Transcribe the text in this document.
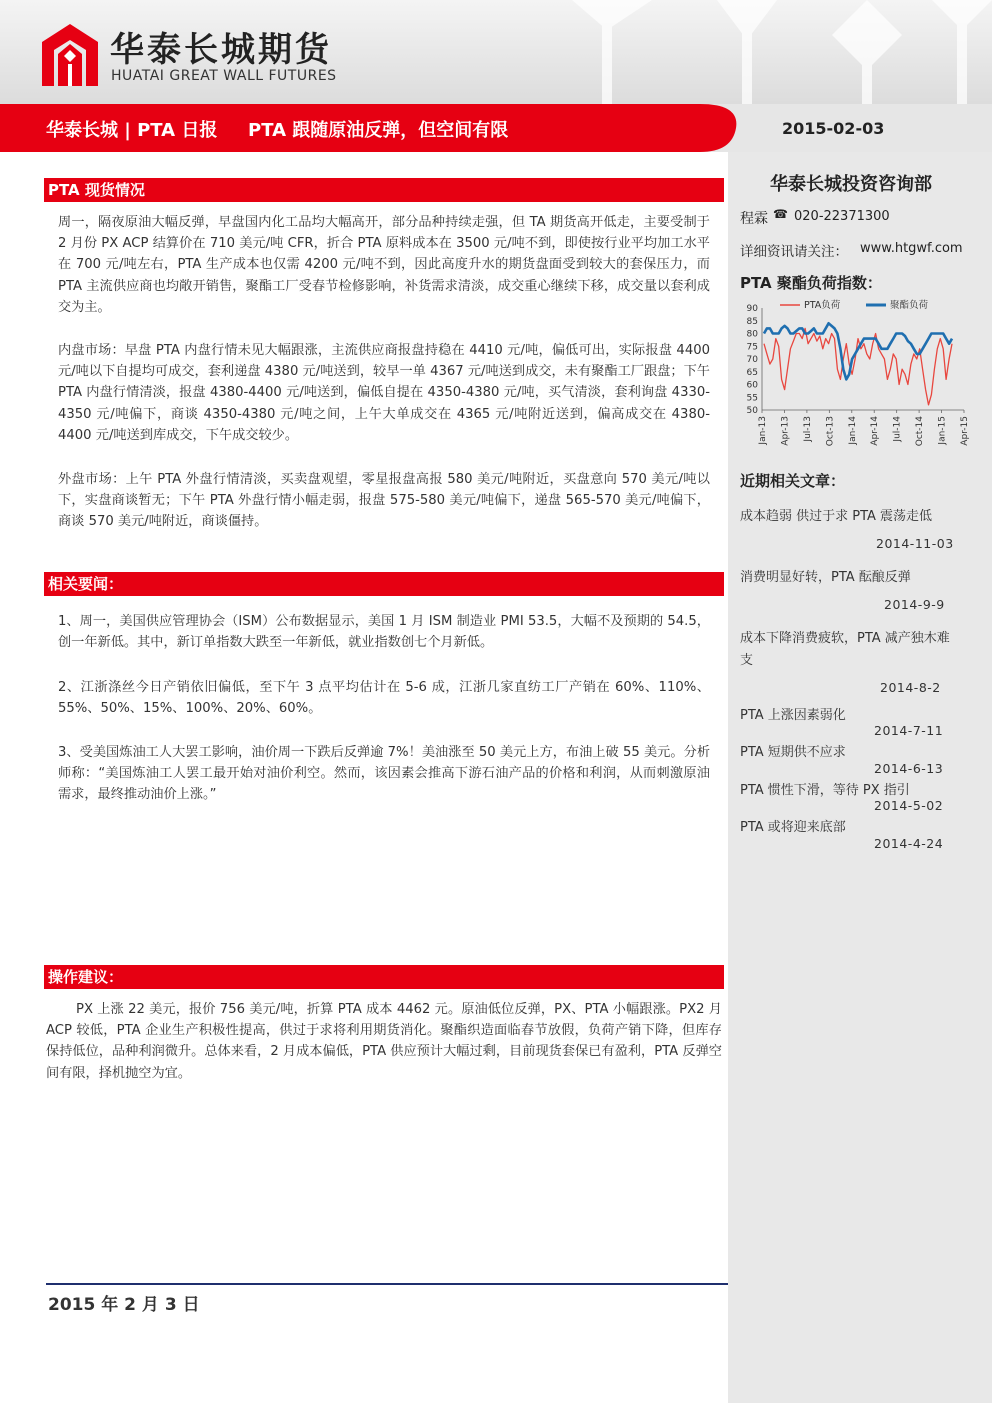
华泰长城期货
HUATAI GREAT WALL FUTURES
华泰长城 | PTA 日报 PTA 跟随原油反弹，但空间有限	2015-02-03
华泰长城投资咨询部
程霖 ☎ 020-22371300
详细资讯请关注： www.htgwf.com
PTA 聚酯负荷指数：
90
85
80
75
70
65
60
55
50
Jan-13 Apr-13 Jul-13 Oct-13 Jan-14 Apr-14 Jul-14 Oct-14 Jan-15 Apr-15
PTA负荷	聚酯负荷
近期相关文章：
成本趋弱 供过于求 PTA 震荡走低
2014-11-03
消费明显好转，PTA 酝酿反弹
2014-9-9
成本下降消费疲软，PTA 减产独木难
支
2014-8-2
PTA 上涨因素弱化
2014-7-11
PTA 短期供不应求
2014-6-13
PTA 惯性下滑，等待 PX 指引
2014-5-02
PTA 或将迎来底部
2014-4-24
PTA 现货情况
周一，隔夜原油大幅反弹，早盘国内化工品均大幅高开，部分品种持续走强，但 TA 期货高开低走，主要受制于 2 月份 PX ACP 结算价在 710 美元/吨 CFR，折合 PTA 原料成本在 3500 元/吨不到，即使按行业平均加工水平在 700 元/吨左右，PTA 生产成本也仅需 4200 元/吨不到，因此高度升水的期货盘面受到较大的套保压力，而 PTA 主流供应商也均敞开销售，聚酯工厂受春节检修影响，补货需求清淡，成交重心继续下移，成交量以套利成交为主。
内盘市场：早盘 PTA 内盘行情未见大幅跟涨，主流供应商报盘持稳在 4410 元/吨，偏低可出，实际报盘 4400 元/吨以下自提均可成交，套利递盘 4380 元/吨送到，较早一单 4367 元/吨送到成交，未有聚酯工厂跟盘；下午 PTA 内盘行情清淡，报盘 4380-4400 元/吨送到，偏低自提在 4350-4380 元/吨，买气清淡，套利询盘 4330-4350 元/吨偏下，商谈 4350-4380 元/吨之间，上午大单成交在 4365 元/吨附近送到，偏高成交在 4380-4400 元/吨送到库成交，下午成交较少。
外盘市场：上午 PTA 外盘行情清淡，买卖盘观望，零星报盘高报 580 美元/吨附近，买盘意向 570 美元/吨以下，实盘商谈暂无；下午 PTA 外盘行情小幅走弱，报盘 575-580 美元/吨偏下，递盘 565-570 美元/吨偏下，商谈 570 美元/吨附近，商谈僵持。
相关要闻：
1、周一，美国供应管理协会（ISM）公布数据显示，美国 1 月 ISM 制造业 PMI 53.5，大幅不及预期的 54.5，创一年新低。其中，新订单指数大跌至一年新低，就业指数创七个月新低。
2、江浙涤丝今日产销依旧偏低，至下午 3 点平均估计在 5-6 成，江浙几家直纺工厂产销在 60%、110%、55%、50%、15%、100%、20%、60%。
3、受美国炼油工人大罢工影响，油价周一下跌后反弹逾 7%！美油涨至 50 美元上方，布油上破 55 美元。分析师称：“美国炼油工人罢工最开始对油价利空。然而，该因素会推高下游石油产品的价格和利润，从而刺激原油需求，最终推动油价上涨。”
操作建议：
PX 上涨 22 美元，报价 756 美元/吨，折算 PTA 成本 4462 元。原油低位反弹，PX、PTA 小幅跟涨。PX2 月 ACP 较低，PTA 企业生产积极性提高，供过于求将利用期货消化。聚酯织造面临春节放假，负荷产销下降，但库存保持低位，品种利润微升。总体来看，2 月成本偏低，PTA 供应预计大幅过剩，目前现货套保已有盈利，PTA 反弹空间有限，择机抛空为宜。
2015 年 2 月 3 日
